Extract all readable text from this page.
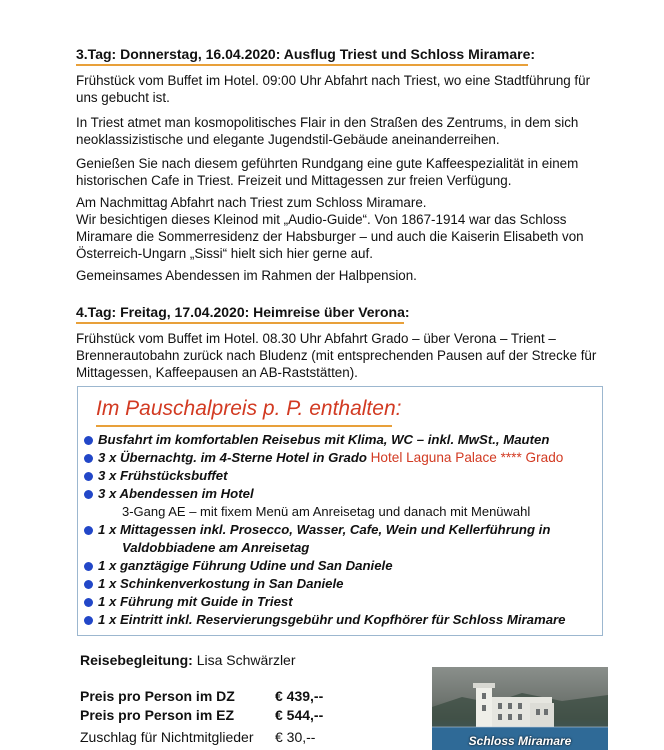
3.Tag: Donnerstag, 16.04.2020: Ausflug Triest und Schloss Miramare:

Frühstück vom Buffet im Hotel. 09:00 Uhr Abfahrt nach Triest, wo eine Stadtführung für
uns gebucht ist.

In Triest atmet man kosmopolitisches Flair in den Straßen des Zentrums, in dem sich
neoklassizistische und elegante Jugendstil-Gebäude aneinanderreihen.

Genießen Sie nach diesem geführten Rundgang eine gute Kaffeespezialität in einem
historischen Cafe in Triest. Freizeit und Mittagessen zur freien Verfügung.

Am Nachmittag Abfahrt nach Triest zum Schloss Miramare.
Wir besichtigen dieses Kleinod mit „Audio-Guide“. Von 1867-1914 war das Schloss
Miramare die Sommerresidenz der Habsburger – und auch die Kaiserin Elisabeth von
Österreich-Ungarn „Sissi“ hielt sich hier gerne auf.

Gemeinsames Abendessen im Rahmen der Halbpension.

4.Tag: Freitag, 17.04.2020: Heimreise über Verona:

Frühstück vom Buffet im Hotel. 08.30 Uhr Abfahrt Grado – über Verona – Trient –
Brennerautobahn zurück nach Bludenz (mit entsprechenden Pausen auf der Strecke für
Mittagessen, Kaffeepausen an AB-Raststätten).

Im Pauschalpreis p. P. enthalten:
Busfahrt im komfortablen Reisebus mit Klima, WC – inkl. MwSt., Mauten
3 x Übernachtg. im 4-Sterne Hotel in Grado Hotel Laguna Palace **** Grado
3 x Frühstücksbuffet
3 x Abendessen im Hotel
3-Gang AE – mit fixem Menü am Anreisetag und danach mit Menüwahl
1 x Mittagessen inkl. Prosecco, Wasser, Cafe, Wein und Kellerführung in
Valdobbiadene am Anreisetag
1 x ganztägige Führung Udine und San Daniele
1 x Schinkenverkostung in San Daniele
1 x Führung mit Guide in Triest
1 x Eintritt inkl. Reservierungsgebühr und Kopfhörer für Schloss Miramare
Reisebegleitung: Lisa Schwärzler
Preis pro Person im DZ	€ 439,--
Preis pro Person im EZ	€ 544,--
Zuschlag für Nichtmitglieder € 30,--	Schloss Miramare
